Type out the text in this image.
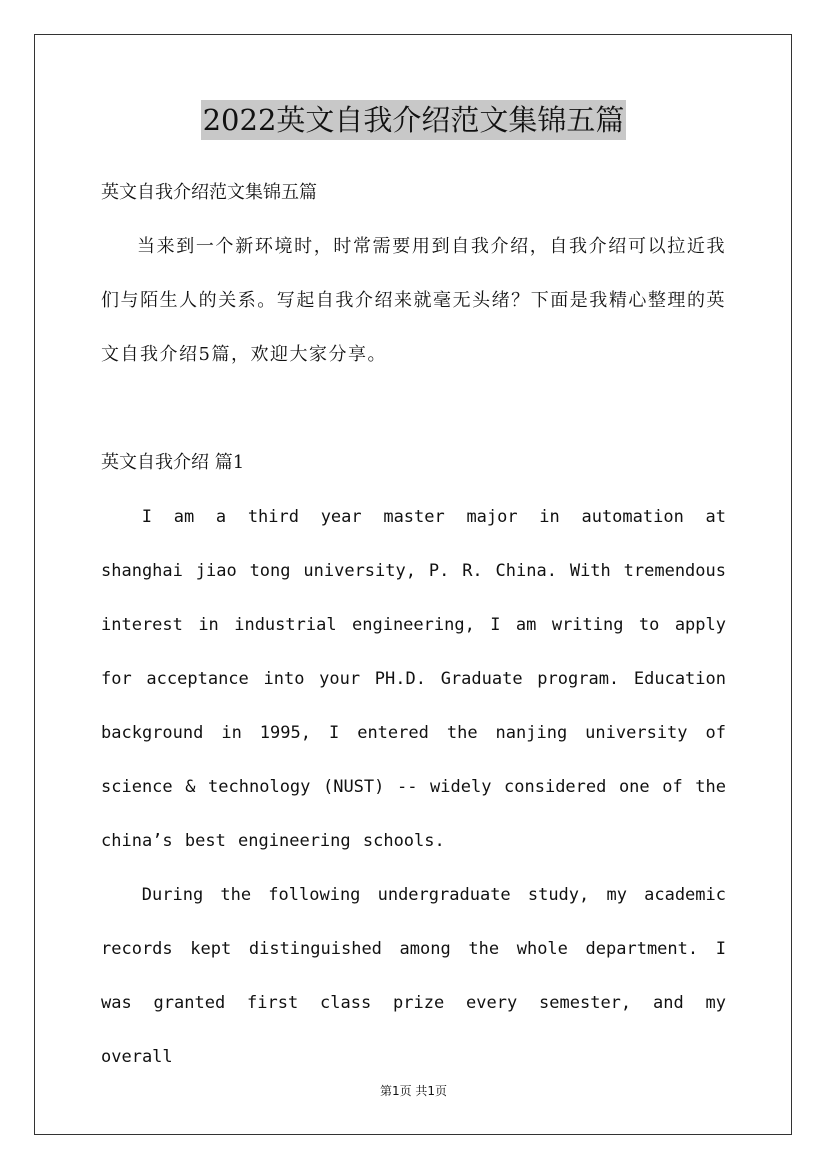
2022英文自我介绍范文集锦五篇

英文自我介绍范文集锦五篇

当来到一个新环境时，时常需要用到自我介绍，自我介绍可以拉近我们与陌生人的关系。写起自我介绍来就毫无头绪？下面是我精心整理的英文自我介绍5篇，欢迎大家分享。

英文自我介绍 篇1

I am a third year master major in automation at shanghai jiao tong university, P. R. China. With tremendous interest in industrial engineering, I am writing to apply for acceptance into your PH.D. Graduate program. Education background in 1995, I entered the nanjing university of science & technology (NUST) -- widely considered one of the china’s best engineering schools.

During the following undergraduate study, my academic records kept distinguished among the whole department. I was granted first class prize every semester, and my overall

第1页 共1页
